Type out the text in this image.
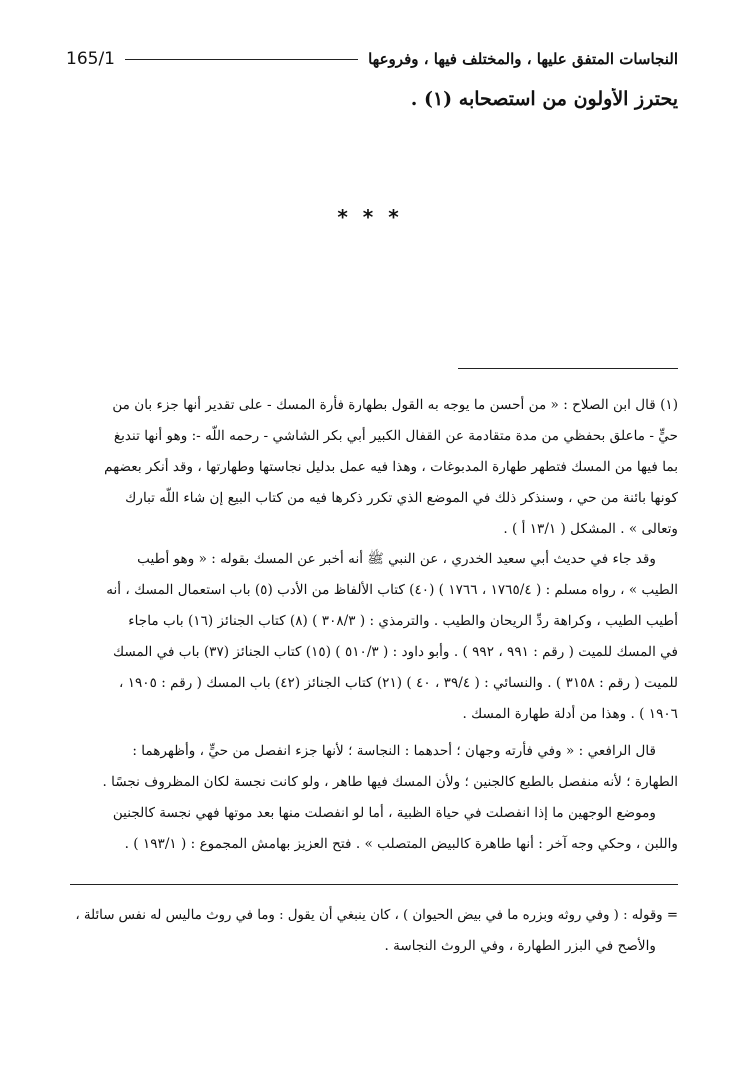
النجاسات المتفق عليها ، والمختلف فيها ، وفروعها
165/1
يحترز الأولون من استصحابه (١) .
* * *

(١) قال ابن الصلاح : « من أحسن ما يوجه به القول بطهارة فأرة المسك - على تقدير أنها جزء بان من

حيٍّ - ماعلق بحفظي من مدة متقادمة عن القفال الكبير أبي بكر الشاشي - رحمه اللّه -: وهو أنها تندبغ

بما فيها من المسك فتطهر طهارة المدبوغات ، وهذا فيه عمل بدليل نجاستها وطهارتها ، وقد أنكر بعضهم

كونها بائنة من حي ، وسنذكر ذلك في الموضع الذي تكرر ذكرها فيه من كتاب البيع إن شاء اللّه تبارك

وتعالى » . المشكل ( ١٣/١ أ ) .

وقد جاء في حديث أبي سعيد الخدري ، عن النبي ﷺ أنه أخبر عن المسك بقوله : « وهو أطيب

الطيب » ، رواه مسلم : ( ١٧٦٥/٤ ، ١٧٦٦ ) (٤٠) كتاب الألفاظ من الأدب (٥) باب استعمال المسك ، أنه

أطيب الطيب ، وكراهة ردِّ الريحان والطيب . والترمذي : ( ٣٠٨/٣ ) (٨) كتاب الجنائز (١٦) باب ماجاء

في المسك للميت ( رقم : ٩٩١ ، ٩٩٢ ) . وأبو داود : ( ٥١٠/٣ ) (١٥) كتاب الجنائز (٣٧) باب في المسك

للميت ( رقم : ٣١٥٨ ) . والنسائي : ( ٣٩/٤ ، ٤٠ ) (٢١) كتاب الجنائز (٤٢) باب المسك ( رقم : ١٩٠٥ ،

١٩٠٦ ) . وهذا من أدلة طهارة المسك .

قال الرافعي : « وفي فأرته وجهان ؛ أحدهما : النجاسة ؛ لأنها جزء انفصل من حيٍّ ، وأظهرهما :

الطهارة ؛ لأنه منفصل بالطبع كالجنين ؛ ولأن المسك فيها طاهر ، ولو كانت نجسة لكان المظروف نجسًا .

وموضع الوجهين ما إذا انفصلت في حياة الظبية ، أما لو انفصلت منها بعد موتها فهي نجسة كالجنين

واللبن ، وحكي وجه آخر : أنها طاهرة كالبيض المتصلب » . فتح العزيز بهامش المجموع : ( ١٩٣/١ ) .

= وقوله : ( وفي روثه وبزره ما في بيض الحيوان ) ، كان ينبغي أن يقول : وما في روث ماليس له نفس سائلة ،

والأصح في البزر الطهارة ، وفي الروث النجاسة .
